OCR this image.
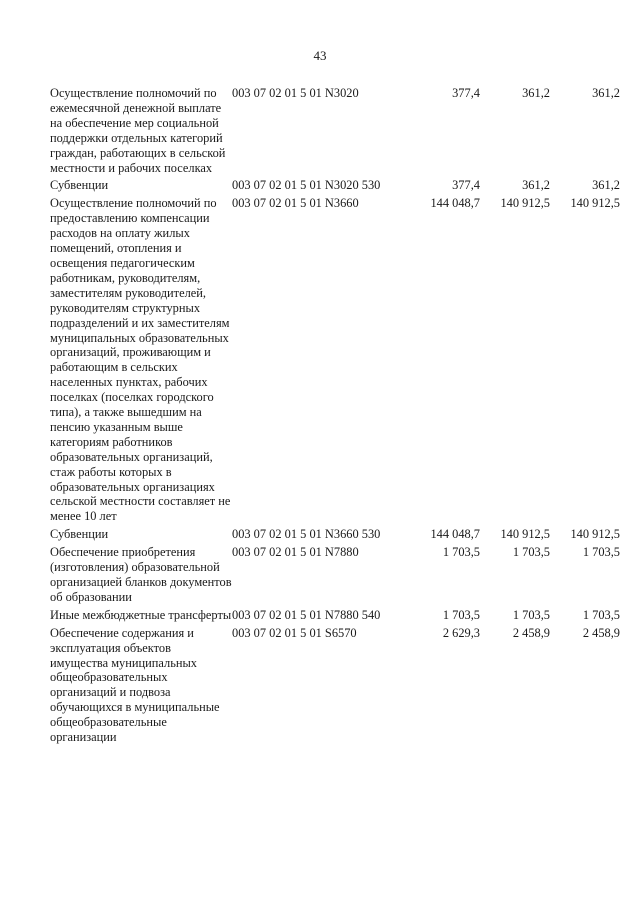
43
Осуществление полномочий по ежемесячной денежной выплате на обеспечение мер социальной поддержки отдельных категорий граждан, работающих в сельской местности и рабочих поселках	003 07 02 01 5 01 N3020	377,4	361,2	361,2
Субвенции	003 07 02 01 5 01 N3020 530	377,4	361,2	361,2
Осуществление полномочий по предоставлению компенсации расходов на оплату жилых помещений, отопления и освещения педагогическим работникам, руководителям, заместителям руководителей, руководителям структурных подразделений и их заместителям муниципальных образовательных организаций, проживающим и работающим в сельских населенных пунктах, рабочих поселках (поселках городского типа), а также вышедшим на пенсию указанным выше категориям работников образовательных организаций, стаж работы которых в образовательных организациях сельской местности составляет не менее 10 лет	003 07 02 01 5 01 N3660	144 048,7	140 912,5	140 912,5
Субвенции	003 07 02 01 5 01 N3660 530	144 048,7	140 912,5	140 912,5
Обеспечение приобретения (изготовления) образовательной организацией бланков документов об образовании	003 07 02 01 5 01 N7880	1 703,5	1 703,5	1 703,5
Иные межбюджетные трансферты	003 07 02 01 5 01 N7880 540	1 703,5	1 703,5	1 703,5
Обеспечение содержания и эксплуатация объектов имущества муниципальных общеобразовательных организаций и подвоза обучающихся в муниципальные общеобразовательные организации	003 07 02 01 5 01 S6570	2 629,3	2 458,9	2 458,9
